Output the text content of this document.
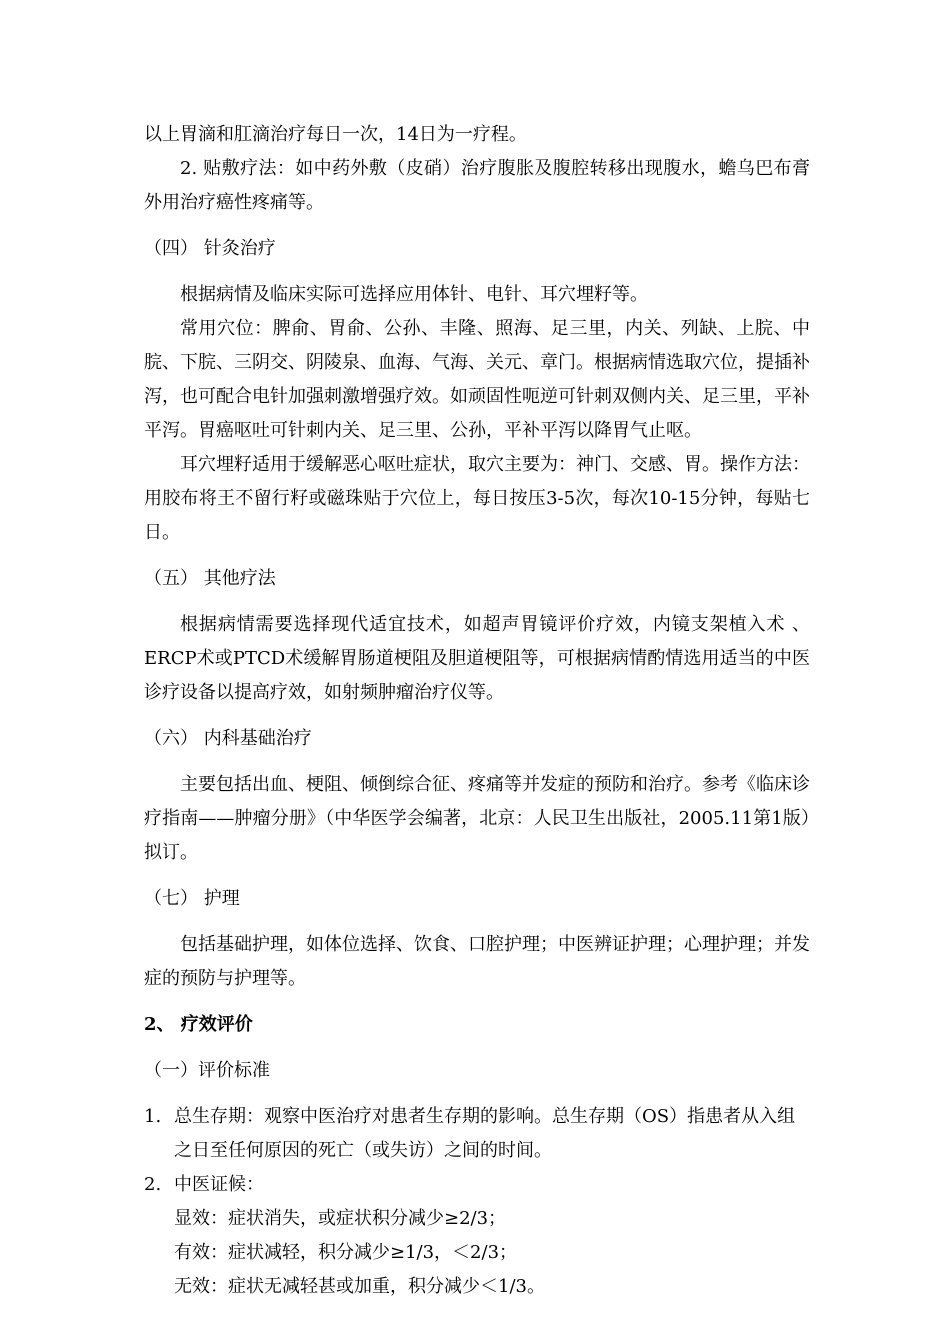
以上胃滴和肛滴治疗每日一次，14日为一疗程。

2. 贴敷疗法：如中药外敷（皮硝）治疗腹胀及腹腔转移出现腹水，蟾乌巴布膏外用治疗癌性疼痛等。

（四） 针灸治疗

根据病情及临床实际可选择应用体针、电针、耳穴埋籽等。

常用穴位：脾俞、胃俞、公孙、丰隆、照海、足三里，内关、列缺、上脘、中脘、下脘、三阴交、阴陵泉、血海、气海、关元、章门。根据病情选取穴位，提插补泻，也可配合电针加强刺激增强疗效。如顽固性呃逆可针刺双侧内关、足三里，平补平泻。胃癌呕吐可针刺内关、足三里、公孙，平补平泻以降胃气止呕。

耳穴埋籽适用于缓解恶心呕吐症状，取穴主要为：神门、交感、胃。操作方法：用胶布将王不留行籽或磁珠贴于穴位上，每日按压3-5次，每次10-15分钟，每贴七日。

（五） 其他疗法

根据病情需要选择现代适宜技术，如超声胃镜评价疗效，内镜支架植入术 、ERCP术或PTCD术缓解胃肠道梗阻及胆道梗阻等，可根据病情酌情选用适当的中医诊疗设备以提高疗效，如射频肿瘤治疗仪等。

（六） 内科基础治疗

主要包括出血、梗阻、倾倒综合征、疼痛等并发症的预防和治疗。参考《临床诊疗指南——肿瘤分册》（中华医学会编著，北京：人民卫生出版社，2005.11第1版）拟订。

（七） 护理

包括基础护理，如体位选择、饮食、口腔护理；中医辨证护理；心理护理；并发症的预防与护理等。

2、 疗效评价

（一）评价标准

1. 总生存期：观察中医治疗对患者生存期的影响。总生存期（OS）指患者从入组之日至任何原因的死亡（或失访）之间的时间。
2. 中医证候：
显效：症状消失，或症状积分减少≥2/3；
有效：症状减轻，积分减少≥1/3，＜2/3；
无效：症状无减轻甚或加重，积分减少＜1/3。
